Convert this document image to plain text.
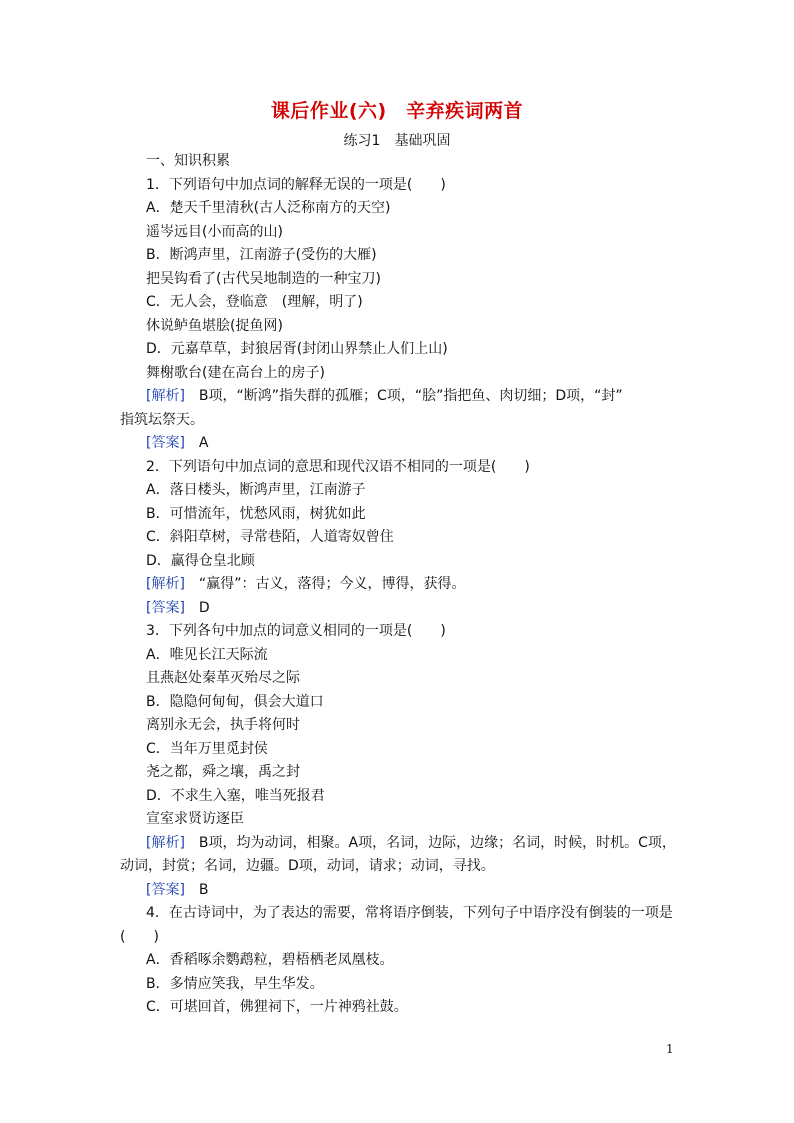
课后作业(六)　辛弃疾词两首
练习1　基础巩固
一、知识积累
1．下列语句中加点词的解释无误的一项是(　　)
A．楚天千里清秋(古人泛称南方的天空)
遥岑远目(小而高的山)
B．断鸿声里，江南游子(受伤的大雁)
把吴钩看了(古代吴地制造的一种宝刀)
C．无人会，登临意　(理解，明了)
休说鲈鱼堪脍(捉鱼网)
D．元嘉草草，封狼居胥(封闭山界禁止人们上山)
舞榭歌台(建在高台上的房子)
[解析]　B项，“断鸿”指失群的孤雁；C项，“脍”指把鱼、肉切细；D项，“封”
指筑坛祭天。
[答案]　A
2．下列语句中加点词的意思和现代汉语不相同的一项是(　　)
A．落日楼头，断鸿声里，江南游子
B．可惜流年，忧愁风雨，树犹如此
C．斜阳草树，寻常巷陌，人道寄奴曾住
D．赢得仓皇北顾
[解析]　“赢得”：古义，落得；今义，博得，获得。
[答案]　D
3．下列各句中加点的词意义相同的一项是(　　)
A．唯见长江天际流
且燕赵处秦革灭殆尽之际
B．隐隐何甸甸，俱会大道口
离别永无会，执手将何时
C．当年万里觅封侯
尧之都，舜之壤，禹之封
D．不求生入塞，唯当死报君
宣室求贤访逐臣
[解析]　B项，均为动词，相聚。A项，名词，边际，边缘；名词，时候，时机。C项，
动词，封赏；名词，边疆。D项，动词，请求；动词，寻找。
[答案]　B
4．在古诗词中，为了表达的需要，常将语序倒装，下列句子中语序没有倒装的一项是
(　　)
A．香稻啄余鹦鹉粒，碧梧栖老凤凰枝。
B．多情应笑我，早生华发。
C．可堪回首，佛狸祠下，一片神鸦社鼓。
1
